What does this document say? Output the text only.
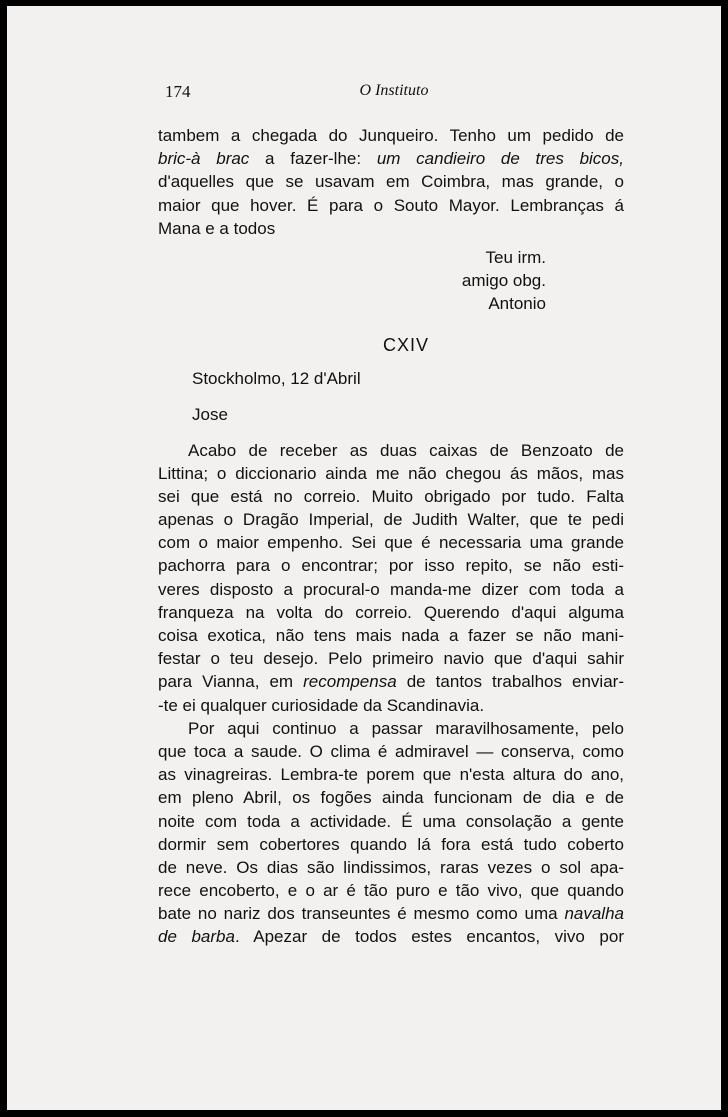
174	O Instituto
tambem a chegada do Junqueiro. Tenho um pedido de
bric-à brac a fazer-lhe: um candieiro de tres bicos,
d'aquelles que se usavam em Coimbra, mas grande, o
maior que hover. É para o Souto Mayor. Lembranças á
Mana e a todos
Teu irm.
amigo obg.
Antonio
CXIV
Stockholmo, 12 d'Abril
Jose
Acabo de receber as duas caixas de Benzoato de
Littina; o diccionario ainda me não chegou ás mãos, mas
sei que está no correio. Muito obrigado por tudo. Falta
apenas o Dragão Imperial, de Judith Walter, que te pedi
com o maior empenho. Sei que é necessaria uma grande
pachorra para o encontrar; por isso repito, se não esti-
veres disposto a procural-o manda-me dizer com toda a
franqueza na volta do correio. Querendo d'aqui alguma
coisa exotica, não tens mais nada a fazer se não mani-
festar o teu desejo. Pelo primeiro navio que d'aqui sahir
para Vianna, em recompensa de tantos trabalhos enviar-
-te ei qualquer curiosidade da Scandinavia.
Por aqui continuo a passar maravilhosamente, pelo
que toca a saude. O clima é admiravel — conserva, como
as vinagreiras. Lembra-te porem que n'esta altura do ano,
em pleno Abril, os fogões ainda funcionam de dia e de
noite com toda a actividade. É uma consolação a gente
dormir sem cobertores quando lá fora está tudo coberto
de neve. Os dias são lindissimos, raras vezes o sol apa-
rece encoberto, e o ar é tão puro e tão vivo, que quando
bate no nariz dos transeuntes é mesmo como uma navalha
de barba. Apezar de todos estes encantos, vivo por
